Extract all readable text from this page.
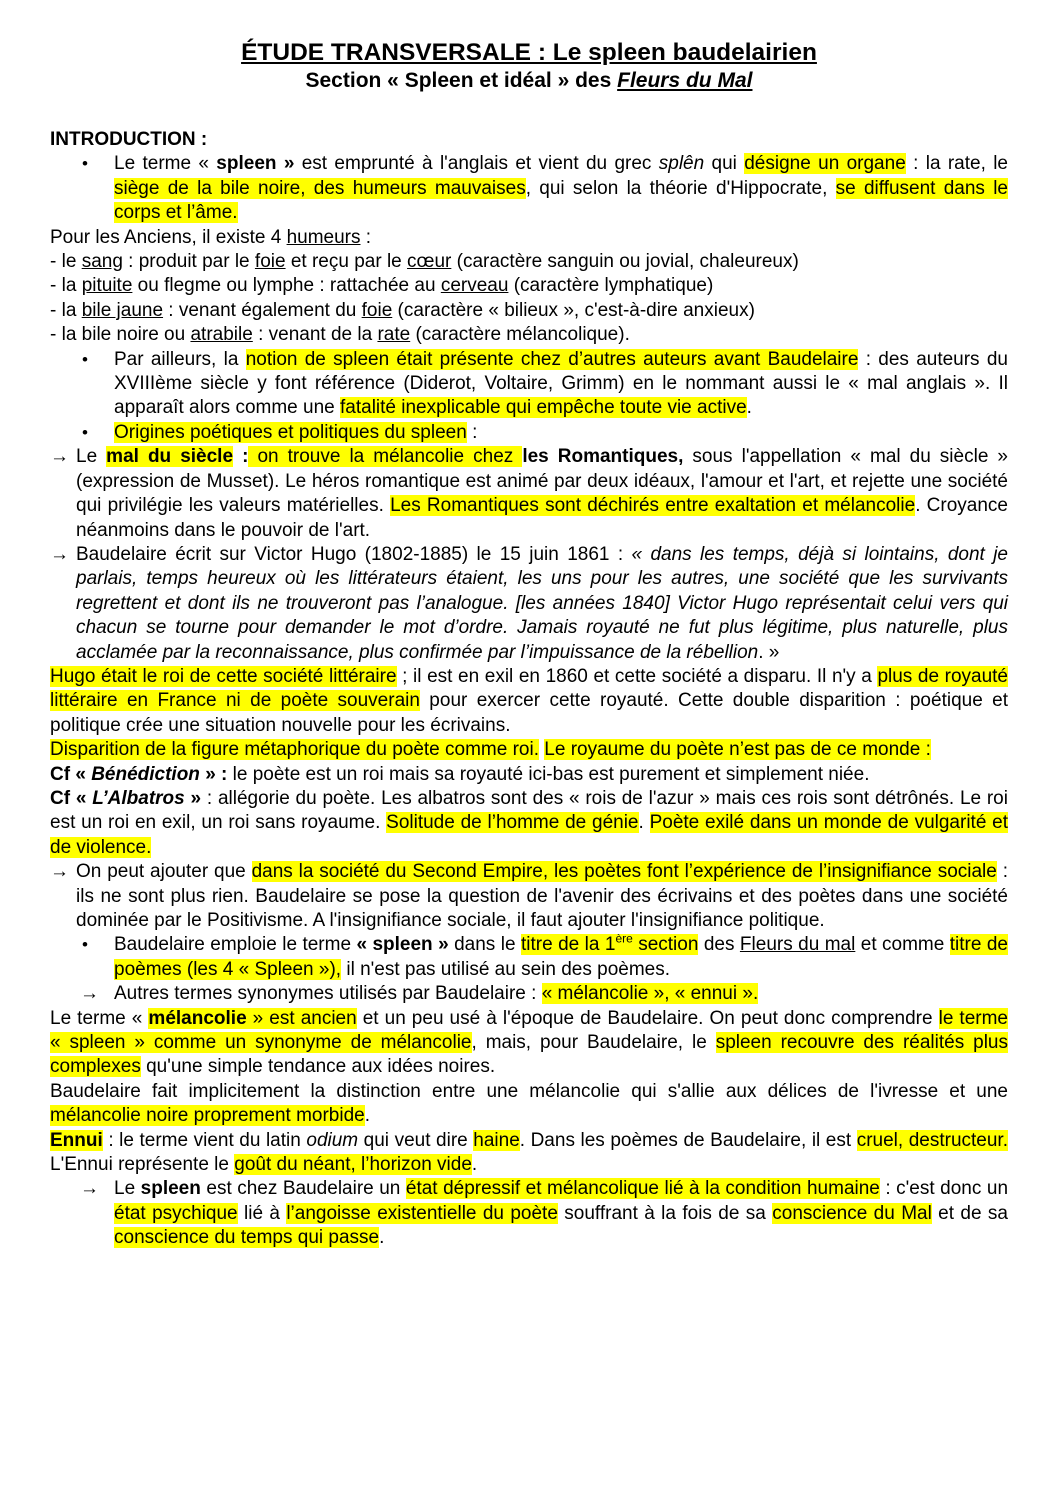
ÉTUDE TRANSVERSALE : Le spleen baudelairien

Section « Spleen et idéal » des Fleurs du Mal

INTRODUCTION :

• Le terme « spleen » est emprunté à l'anglais et vient du grec splên qui désigne un organe : la rate, le siège de la bile noire, des humeurs mauvaises, qui selon la théorie d'Hippocrate, se diffusent dans le corps et l’âme.

Pour les Anciens, il existe 4 humeurs :

- le sang : produit par le foie et reçu par le cœur (caractère sanguin ou jovial, chaleureux)

- la pituite ou flegme ou lymphe : rattachée au cerveau (caractère lymphatique)

- la bile jaune : venant également du foie (caractère « bilieux », c'est-à-dire anxieux)

- la bile noire ou atrabile : venant de la rate (caractère mélancolique).

• Par ailleurs, la notion de spleen était présente chez d’autres auteurs avant Baudelaire : des auteurs du XVIIIème siècle y font référence (Diderot, Voltaire, Grimm) en le nommant aussi le « mal anglais ». Il apparaît alors comme une fatalité inexplicable qui empêche toute vie active.

• Origines poétiques et politiques du spleen :

→ Le mal du siècle : on trouve la mélancolie chez les Romantiques, sous l'appellation « mal du siècle » (expression de Musset). Le héros romantique est animé par deux idéaux, l'amour et l'art, et rejette une société qui privilégie les valeurs matérielles. Les Romantiques sont déchirés entre exaltation et mélancolie. Croyance néanmoins dans le pouvoir de l'art.

→ Baudelaire écrit sur Victor Hugo (1802-1885) le 15 juin 1861 : « dans les temps, déjà si lointains, dont je parlais, temps heureux où les littérateurs étaient, les uns pour les autres, une société que les survivants regrettent et dont ils ne trouveront pas l’analogue. [les années 1840] Victor Hugo représentait celui vers qui chacun se tourne pour demander le mot d’ordre. Jamais royauté ne fut plus légitime, plus naturelle, plus acclamée par la reconnaissance, plus confirmée par l’impuissance de la rébellion. »

Hugo était le roi de cette société littéraire ; il est en exil en 1860 et cette société a disparu. Il n'y a plus de royauté littéraire en France ni de poète souverain pour exercer cette royauté. Cette double disparition : poétique et politique crée une situation nouvelle pour les écrivains.

Disparition de la figure métaphorique du poète comme roi. Le royaume du poète n’est pas de ce monde :

Cf « Bénédiction » : le poète est un roi mais sa royauté ici-bas est purement et simplement niée.

Cf « L’Albatros » : allégorie du poète. Les albatros sont des « rois de l'azur » mais ces rois sont détrônés. Le roi est un roi en exil, un roi sans royaume. Solitude de l’homme de génie. Poète exilé dans un monde de vulgarité et de violence.

→ On peut ajouter que dans la société du Second Empire, les poètes font l’expérience de l’insignifiance sociale : ils ne sont plus rien. Baudelaire se pose la question de l'avenir des écrivains et des poètes dans une société dominée par le Positivisme. A l'insignifiance sociale, il faut ajouter l'insignifiance politique.

• Baudelaire emploie le terme « spleen » dans le titre de la 1ère section des Fleurs du mal et comme titre de poèmes (les 4 « Spleen »), il n'est pas utilisé au sein des poèmes.

→ Autres termes synonymes utilisés par Baudelaire : « mélancolie », « ennui ».

Le terme « mélancolie » est ancien et un peu usé à l'époque de Baudelaire. On peut donc comprendre le terme « spleen » comme un synonyme de mélancolie, mais, pour Baudelaire, le spleen recouvre des réalités plus complexes qu'une simple tendance aux idées noires.

Baudelaire fait implicitement la distinction entre une mélancolie qui s'allie aux délices de l'ivresse et une mélancolie noire proprement morbide.

Ennui : le terme vient du latin odium qui veut dire haine. Dans les poèmes de Baudelaire, il est cruel, destructeur. L'Ennui représente le goût du néant, l’horizon vide.

→ Le spleen est chez Baudelaire un état dépressif et mélancolique lié à la condition humaine : c'est donc un état psychique lié à l’angoisse existentielle du poète souffrant à la fois de sa conscience du Mal et de sa conscience du temps qui passe.
